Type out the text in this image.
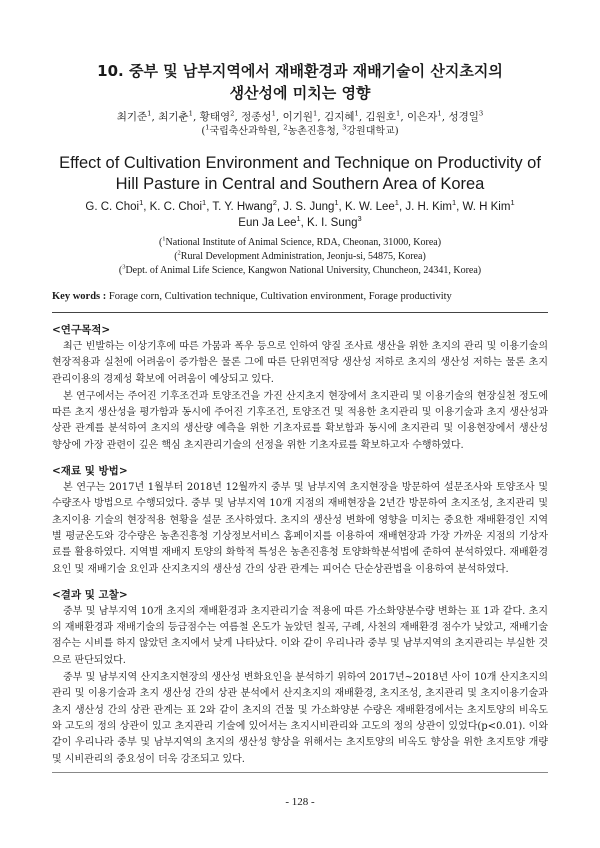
10. 중부 및 남부지역에서 재배환경과 재배기술이 산지초지의
생산성에 미치는 영향
최기준$^1$, 최기춘$^1$, 황태영$^2$, 정종성$^1$, 이기원$^1$, 김지혜$^1$, 김원호$^1$, 이은자$^1$, 성경일$^3$
($^1$국립축산과학원, $^2$농촌진흥청, $^3$강원대학교)
Effect of Cultivation Environment and Technique on Productivity of
Hill Pasture in Central and Southern Area of Korea
G. C. Choi$^1$, K. C. Choi$^1$, T. Y. Hwang$^2$, J. S. Jung$^1$, K. W. Lee$^1$, J. H. Kim$^1$, W. H Kim$^1$
Eun Ja Lee$^1$, K. I. Sung$^3$
($^1$National Institute of Animal Science, RDA, Cheonan, 31000, Korea)
($^2$Rural Development Administration, Jeonju-si, 54875, Korea)
($^3$Dept. of Animal Life Science, Kangwon National University, Chuncheon, 24341, Korea)
Key words : Forage corn, Cultivation technique, Cultivation environment, Forage productivity
<연구목적>

최근 빈발하는 이상기후에 따른 가뭄과 폭우 등으로 인하여 양질 조사료 생산을 위한 초지의 관리 및 이용기술의 현장적용과 실천에 어려움이 증가함은 물론 그에 따른 단위면적당 생산성 저하로 초지의 생산성 저하는 물론 초지관리이용의 경제성 확보에 어려움이 예상되고 있다.

본 연구에서는 주어진 기후조건과 토양조건을 가진 산지초지 현장에서 초지관리 및 이용기술의 현장실천 정도에 따른 초지 생산성을 평가함과 동시에 주어진 기후조건, 토양조건 및 적용한 초지관리 및 이용기술과 초지 생산성과 상관 관계를 분석하여 초지의 생산량 예측을 위한 기초자료를 확보함과 동시에 초지관리 및 이용현장에서 생산성 향상에 가장 관련이 깊은 핵심 초지관리기술의 선정을 위한 기초자료를 확보하고자 수행하였다.

<재료 및 방법>

본 연구는 2017년 1월부터 2018년 12월까지 중부 및 남부지역 초지현장을 방문하여 설문조사와 토양조사 및 수량조사 방법으로 수행되었다. 중부 및 남부지역 10개 지점의 재배현장을 2년간 방문하여 초지조성, 초지관리 및 초지이용 기술의 현장적용 현황을 설문 조사하였다. 초지의 생산성 변화에 영향을 미치는 중요한 재배환경인 지역별 평균온도와 강수량은 농촌진흥청 기상정보서비스 홈페이지를 이용하여 재배현장과 가장 가까운 지점의 기상자료를 활용하였다. 지역별 재배지 토양의 화학적 특성은 농촌진흥청 토양화학분석법에 준하여 분석하였다. 재배환경 요인 및 재배기술 요인과 산지초지의 생산성 간의 상관 관계는 피어슨 단순상관법을 이용하여 분석하였다.

<결과 및 고찰>

중부 및 남부지역 10개 초지의 재배환경과 초지관리기술 적용에 따른 가소화양분수량 변화는 표 1과 같다. 초지의 재배환경과 재배기술의 등급점수는 여름철 온도가 높았던 칠곡, 구례, 사천의 재배환경 점수가 낮았고, 재배기술 점수는 시비를 하지 않았던 초지에서 낮게 나타났다. 이와 같이 우리나라 중부 및 남부지역의 초지관리는 부실한 것으로 판단되었다.

중부 및 남부지역 산지초지현장의 생산성 변화요인을 분석하기 위하여 2017년~2018년 사이 10개 산지초지의 관리 및 이용기술과 초지 생산성 간의 상관 분석에서 산지초지의 재배환경, 초지조성, 초지관리 및 초지이용기술과 초지 생산성 간의 상관 관계는 표 2와 같이 초지의 건물 및 가소화양분 수량은 재배환경에서는 초지토양의 비옥도와 고도의 정의 상관이 있고 초지관리 기술에 있어서는 초지시비관리와 고도의 정의 상관이 있었다(p<0.01). 이와 같이 우리나라 중부 및 남부지역의 초지의 생산성 향상을 위해서는 초지토양의 비옥도 향상을 위한 초지토양 개량 및 시비관리의 중요성이 더욱 강조되고 있다.

- 128 -
